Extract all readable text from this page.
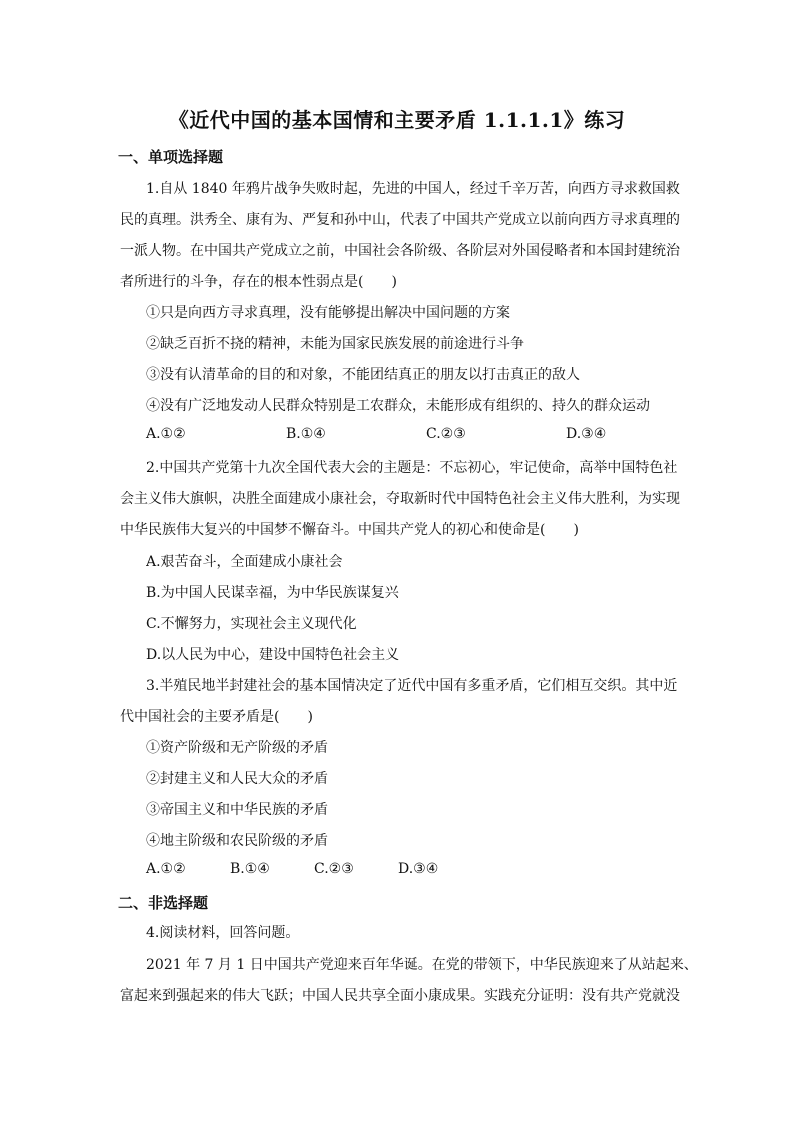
《近代中国的基本国情和主要矛盾 1.1.1.1》练习
一、单项选择题
1.自从 1840 年鸦片战争失败时起，先进的中国人，经过千辛万苦，向西方寻求救国救
民的真理。洪秀全、康有为、严复和孙中山，代表了中国共产党成立以前向西方寻求真理的
一派人物。在中国共产党成立之前，中国社会各阶级、各阶层对外国侵略者和本国封建统治
者所进行的斗争，存在的根本性弱点是(　　)
①只是向西方寻求真理，没有能够提出解决中国问题的方案
②缺乏百折不挠的精神，未能为国家民族发展的前途进行斗争
③没有认清革命的目的和对象，不能团结真正的朋友以打击真正的敌人
④没有广泛地发动人民群众特别是工农群众，未能形成有组织的、持久的群众运动
A.①②	B.①④	C.②③	D.③④
2.中国共产党第十九次全国代表大会的主题是：不忘初心，牢记使命，高举中国特色社
会主义伟大旗帜，决胜全面建成小康社会，夺取新时代中国特色社会主义伟大胜利，为实现
中华民族伟大复兴的中国梦不懈奋斗。中国共产党人的初心和使命是(　　)
A.艰苦奋斗，全面建成小康社会
B.为中国人民谋幸福，为中华民族谋复兴
C.不懈努力，实现社会主义现代化
D.以人民为中心，建设中国特色社会主义
3.半殖民地半封建社会的基本国情决定了近代中国有多重矛盾，它们相互交织。其中近
代中国社会的主要矛盾是(　　)
①资产阶级和无产阶级的矛盾
②封建主义和人民大众的矛盾
③帝国主义和中华民族的矛盾
④地主阶级和农民阶级的矛盾
A.①②	B.①④	C.②③	D.③④
二、非选择题
4.阅读材料，回答问题。
2021 年 7 月 1 日中国共产党迎来百年华诞。在党的带领下，中华民族迎来了从站起来、
富起来到强起来的伟大飞跃；中国人民共享全面小康成果。实践充分证明：没有共产党就没
